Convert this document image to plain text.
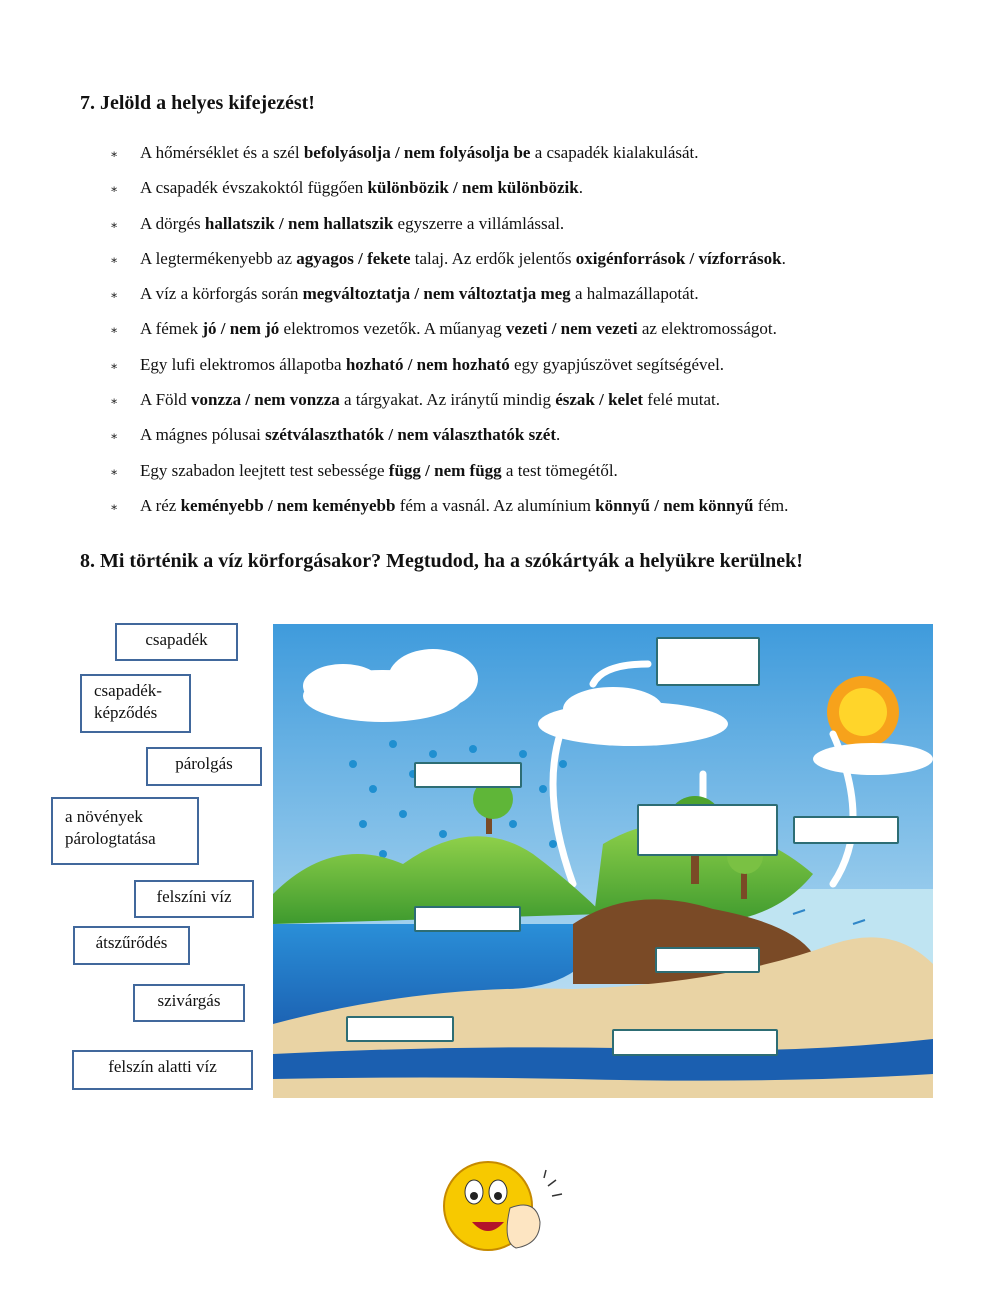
7. Jelöld a helyes kifejezést!
∗	A hőmérséklet és a szél befolyásolja / nem folyásolja be a csapadék kialakulását.
∗	A csapadék évszakoktól függően különbözik / nem különbözik.
∗	A dörgés hallatszik / nem hallatszik egyszerre a villámlással.
∗	A legtermékenyebb az agyagos / fekete talaj. Az erdők jelentős oxigénforrások / vízforrások.
∗	A víz a körforgás során megváltoztatja / nem változtatja meg a halmazállapotát.
∗	A fémek jó / nem jó elektromos vezetők. A műanyag vezeti / nem vezeti az elektromosságot.
∗	Egy lufi elektromos állapotba hozható / nem hozható egy gyapjúszövet segítségével.
∗	A Föld vonzza / nem vonzza a tárgyakat. Az iránytű mindig észak / kelet felé mutat.
∗	A mágnes pólusai szétválaszthatók / nem választhatók szét.
∗	Egy szabadon leejtett test sebessége függ / nem függ a test tömegétől.
∗	A réz keményebb / nem keményebb fém a vasnál. Az alumínium könnyű / nem könnyű fém.
8. Mi történik a víz körforgásakor? Megtudod, ha a szókártyák a helyükre kerülnek!
csapadék
csapadék-
képződés
párolgás
a növények
párologtatása
felszíni víz
átszűrődés
szivárgás
felszín alatti víz
